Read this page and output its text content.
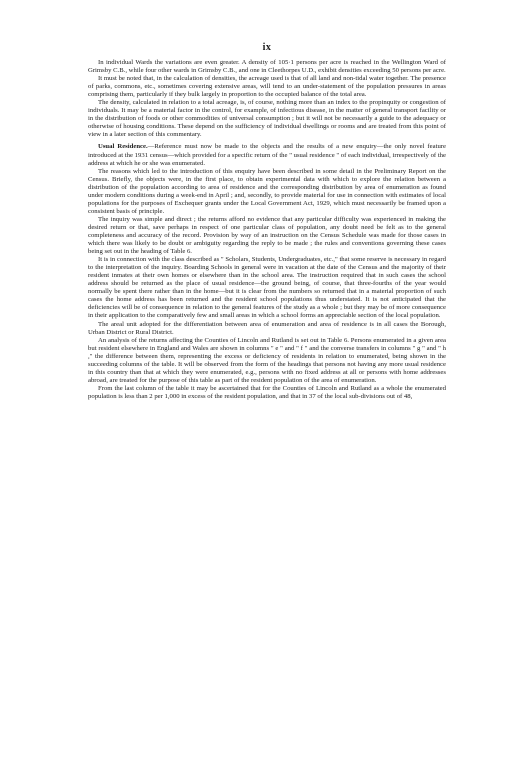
ix

In individual Wards the variations are even greater. A density of 105·1 persons per acre is reached in the Wellington Ward of Grimsby C.B., while four other wards in Grimsby C.B., and one in Cleethorpes U.D., exhibit densities exceeding 50 persons per acre.

It must be noted that, in the calculation of densities, the acreage used is that of all land and non-tidal water together. The presence of parks, commons, etc., sometimes covering extensive areas, will tend to an under-statement of the population pressures in areas comprising them, particularly if they bulk largely in proportion to the occupied balance of the total area.

The density, calculated in relation to a total acreage, is, of course, nothing more than an index to the propinquity or congestion of individuals. It may be a material factor in the control, for example, of infectious disease, in the matter of general transport facility or in the distribution of foods or other commodities of universal consumption ; but it will not be necessarily a guide to the adequacy or otherwise of housing conditions. These depend on the sufficiency of individual dwellings or rooms and are treated from this point of view in a later section of this commentary.

Usual Residence.—Reference must now be made to the objects and the results of a new enquiry—the only novel feature introduced at the 1931 census—which provided for a specific return of the " usual residence " of each individual, irrespectively of the address at which he or she was enumerated.

The reasons which led to the introduction of this enquiry have been described in some detail in the Preliminary Report on the Census. Briefly, the objects were, in the first place, to obtain experimental data with which to explore the relation between a distribution of the population according to area of residence and the corresponding distribution by area of enumeration as found under modern conditions during a week-end in April ; and, secondly, to provide material for use in connection with estimates of local populations for the purposes of Exchequer grants under the Local Government Act, 1929, which must necessarily be framed upon a consistent basis of principle.

The inquiry was simple and direct ; the returns afford no evidence that any particular difficulty was experienced in making the desired return or that, save perhaps in respect of one particular class of population, any doubt need be felt as to the general completeness and accuracy of the record. Provision by way of an instruction on the Census Schedule was made for those cases in which there was likely to be doubt or ambiguity regarding the reply to be made ; the rules and conventions governing these cases being set out in the heading of Table 6.

It is in connection with the class described as " Scholars, Students, Undergraduates, etc.," that some reserve is necessary in regard to the interpretation of the inquiry. Boarding Schools in general were in vacation at the date of the Census and the majority of their resident inmates at their own homes or elsewhere than in the school area. The instruction required that in such cases the school address should be returned as the place of usual residence—the ground being, of course, that three-fourths of the year would normally be spent there rather than in the home—but it is clear from the numbers so returned that in a material proportion of such cases the home address has been returned and the resident school populations thus understated. It is not anticipated that the deficiencies will be of consequence in relation to the general features of the study as a whole ; but they may be of more consequence in their application to the comparatively few and small areas in which a school forms an appreciable section of the local population.

The areal unit adopted for the differentiation between area of enumeration and area of residence is in all cases the Borough, Urban District or Rural District.

An analysis of the returns affecting the Counties of Lincoln and Rutland is set out in Table 6. Persons enumerated in a given area but resident elsewhere in England and Wales are shown in columns " e " and " f " and the converse transfers in columns " g " and " h ," the difference between them, representing the excess or deficiency of residents in relation to enumerated, being shown in the succeeding columns of the table. It will be observed from the form of the headings that persons not having any more usual residence in this country than that at which they were enumerated, e.g., persons with no fixed address at all or persons with home addresses abroad, are treated for the purpose of this table as part of the resident population of the area of enumeration.

From the last column of the table it may be ascertained that for the Counties of Lincoln and Rutland as a whole the enumerated population is less than 2 per 1,000 in excess of the resident population, and that in 37 of the local sub-divisions out of 48,
